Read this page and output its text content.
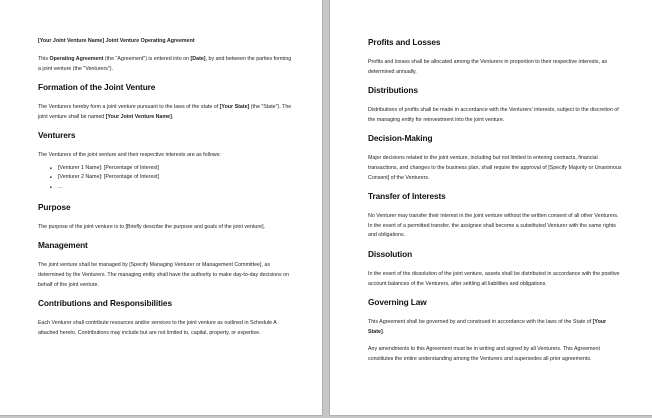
[Your Joint Venture Name] Joint Venture Operating Agreement

This Operating Agreement (the "Agreement") is entered into on [Date], by and between the parties forming a joint venture (the "Venturers").

Formation of the Joint Venture

The Venturers hereby form a joint venture pursuant to the laws of the state of [Your State] (the "State"). The joint venture shall be named [Your Joint Venture Name].

Venturers

The Venturers of the joint venture and their respective interests are as follows:

■ [Venturer 1 Name]: [Percentage of Interest]
■ [Venturer 2 Name]: [Percentage of Interest]
■ ...
Purpose

The purpose of the joint venture is to [Briefly describe the purpose and goals of the joint venture].

Management

The joint venture shall be managed by [Specify Managing Venturer or Management Committee], as determined by the Venturers. The managing entity shall have the authority to make day-to-day decisions on behalf of the joint venture.

Contributions and Responsibilities

Each Venturer shall contribute resources and/or services to the joint venture as outlined in Schedule A attached hereto. Contributions may include but are not limited to, capital, property, or expertise.

Profits and Losses

Profits and losses shall be allocated among the Venturers in proportion to their respective interests, as determined annually.

Distributions

Distributions of profits shall be made in accordance with the Venturers' interests, subject to the discretion of the managing entity for reinvestment into the joint venture.

Decision-Making

Major decisions related to the joint venture, including but not limited to entering contracts, financial transactions, and changes to the business plan, shall require the approval of [Specify Majority or Unanimous Consent] of the Venturers.

Transfer of Interests

No Venturer may transfer their interest in the joint venture without the written consent of all other Venturers. In the event of a permitted transfer, the assignee shall become a substituted Venturer with the same rights and obligations.

Dissolution

In the event of the dissolution of the joint venture, assets shall be distributed in accordance with the positive account balances of the Venturers, after settling all liabilities and obligations.

Governing Law

This Agreement shall be governed by and construed in accordance with the laws of the State of [Your State].

Any amendments to this Agreement must be in writing and signed by all Venturers. This Agreement constitutes the entire understanding among the Venturers and supersedes all prior agreements.
